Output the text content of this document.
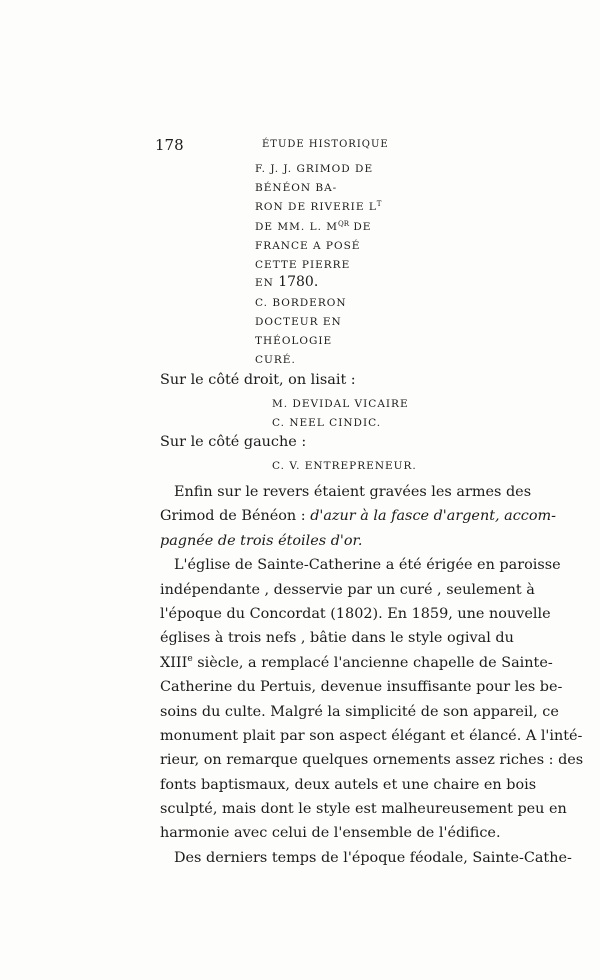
178	ÉTUDE HISTORIQUE
F. J. J. GRIMOD DE
BÉNÉON BA-
RON DE RIVERIE $L^T$
DE MM. L. $M^{QR}$ DE
FRANCE A POSÉ
CETTE PIERRE
EN 1780.
C. BORDERON
DOCTEUR EN
THÉOLOGIE
CURÉ.
Sur le côté droit, on lisait :
M. DEVIDAL VICAIRE
C. NEEL CINDIC.
Sur le côté gauche :
C. V. ENTREPRENEUR.
Enfin sur le revers étaient gravées les armes des
Grimod de Bénéon : d'azur à la fasce d'argent, accom-
pagnée de trois étoiles d'or.
L'église de Sainte-Catherine a été érigée en paroisse
indépendante , desservie par un curé , seulement à
l'époque du Concordat (1802). En 1859, une nouvelle
églises à trois nefs , bâtie dans le style ogival du
XIIIe siècle, a remplacé l'ancienne chapelle de Sainte-
Catherine du Pertuis, devenue insuffisante pour les be-
soins du culte. Malgré la simplicité de son appareil, ce
monument plait par son aspect élégant et élancé. A l'inté-
rieur, on remarque quelques ornements assez riches : des
fonts baptismaux, deux autels et une chaire en bois
sculpté, mais dont le style est malheureusement peu en
harmonie avec celui de l'ensemble de l'édifice.
Des derniers temps de l'époque féodale, Sainte-Cathe-
